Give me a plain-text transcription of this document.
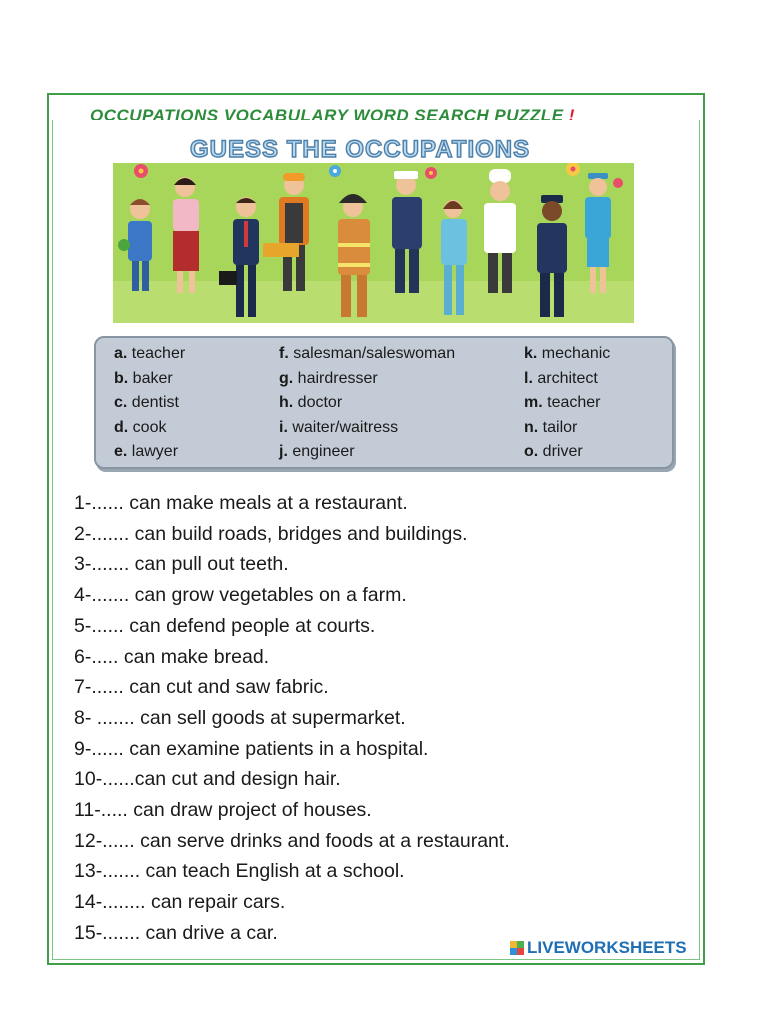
OCCUPATIONS VOCABULARY WORD SEARCH PUZZLE !
GUESS THE OCCUPATIONS
a. teacher
b. baker
c. dentist
d. cook
e. lawyer
f. salesman/saleswoman
g. hairdresser
h. doctor
i. waiter/waitress
j. engineer
k. mechanic
l. architect
m. teacher
n. tailor
o. driver
1-...... can make meals at a restaurant.
2-....... can build roads, bridges and buildings.
3-....... can pull out teeth.
4-....... can grow vegetables on a farm.
5-...... can defend people at courts.
6-..... can make bread.
7-...... can cut and saw fabric.
8- ....... can sell goods at supermarket.
9-...... can examine patients in a hospital.
10-......can cut and design hair.
11-..... can draw project of houses.
12-...... can serve drinks and foods at a restaurant.
13-....... can teach English at a school.
14-........ can repair cars.
15-....... can drive a car.
LIVEWORKSHEETS
